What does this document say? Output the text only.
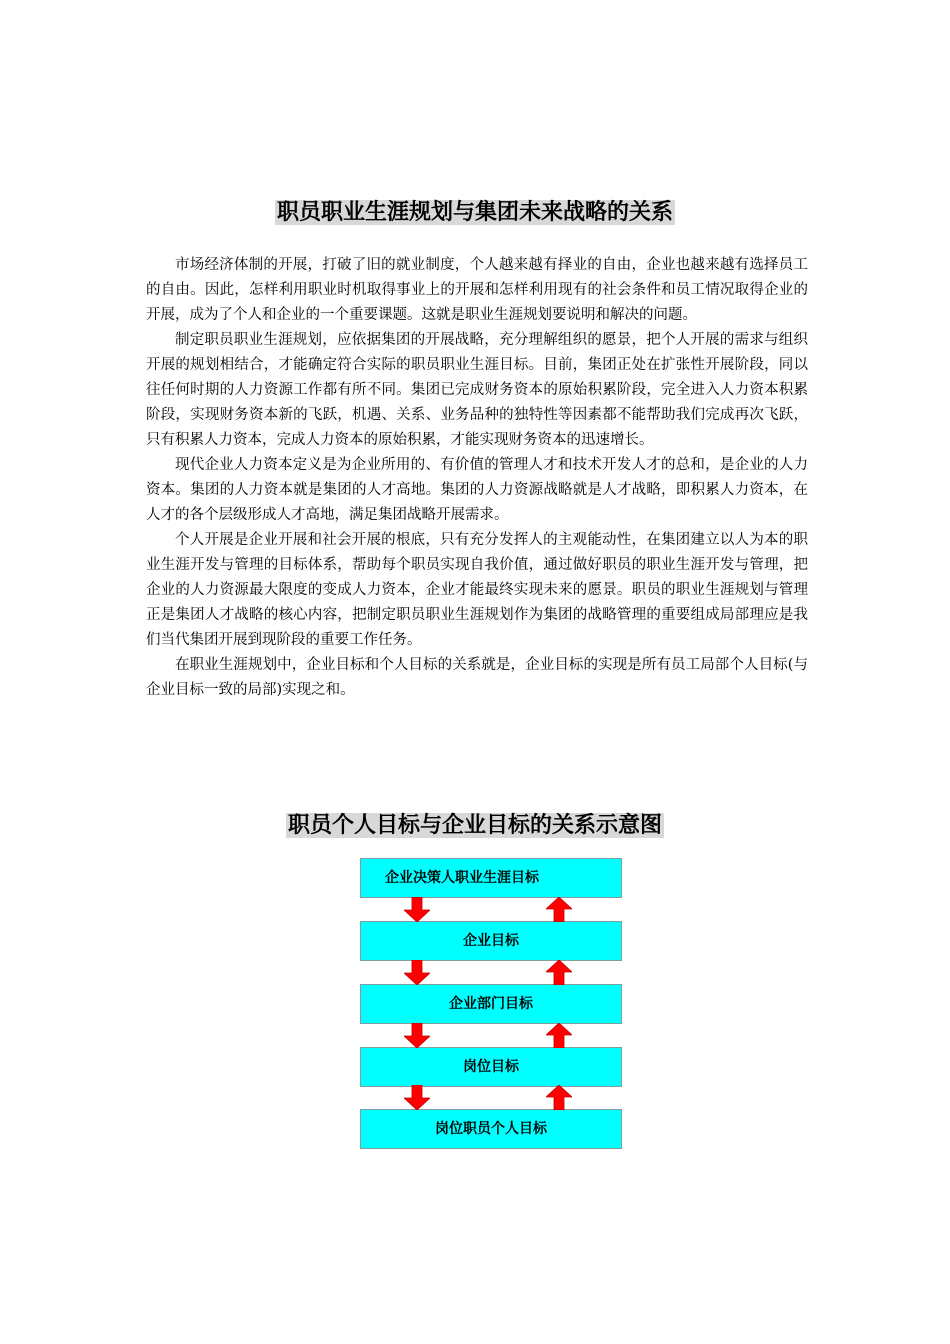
职员职业生涯规划与集团未来战略的关系

市场经济体制的开展，打破了旧的就业制度，个人越来越有择业的自由，企业也越来越有选择员工的自由。因此，怎样利用职业时机取得事业上的开展和怎样利用现有的社会条件和员工情况取得企业的开展，成为了个人和企业的一个重要课题。这就是职业生涯规划要说明和解决的问题。

制定职员职业生涯规划，应依据集团的开展战略，充分理解组织的愿景，把个人开展的需求与组织开展的规划相结合，才能确定符合实际的职员职业生涯目标。目前，集团正处在扩张性开展阶段，同以往任何时期的人力资源工作都有所不同。集团已完成财务资本的原始积累阶段，完全进入人力资本积累阶段，实现财务资本新的飞跃，机遇、关系、业务品种的独特性等因素都不能帮助我们完成再次飞跃，只有积累人力资本，完成人力资本的原始积累，才能实现财务资本的迅速增长。

现代企业人力资本定义是为企业所用的、有价值的管理人才和技术开发人才的总和，是企业的人力资本。集团的人力资本就是集团的人才高地。集团的人力资源战略就是人才战略，即积累人力资本，在人才的各个层级形成人才高地，满足集团战略开展需求。

个人开展是企业开展和社会开展的根底，只有充分发挥人的主观能动性，在集团建立以人为本的职业生涯开发与管理的目标体系，帮助每个职员实现自我价值，通过做好职员的职业生涯开发与管理，把企业的人力资源最大限度的变成人力资本，企业才能最终实现未来的愿景。职员的职业生涯规划与管理正是集团人才战略的核心内容，把制定职员职业生涯规划作为集团的战略管理的重要组成局部理应是我们当代集团开展到现阶段的重要工作任务。

在职业生涯规划中，企业目标和个人目标的关系就是，企业目标的实现是所有员工局部个人目标(与企业目标一致的局部)实现之和。

职员个人目标与企业目标的关系示意图
企业决策人职业生涯目标
企业目标
企业部门目标
岗位目标
岗位职员个人目标
